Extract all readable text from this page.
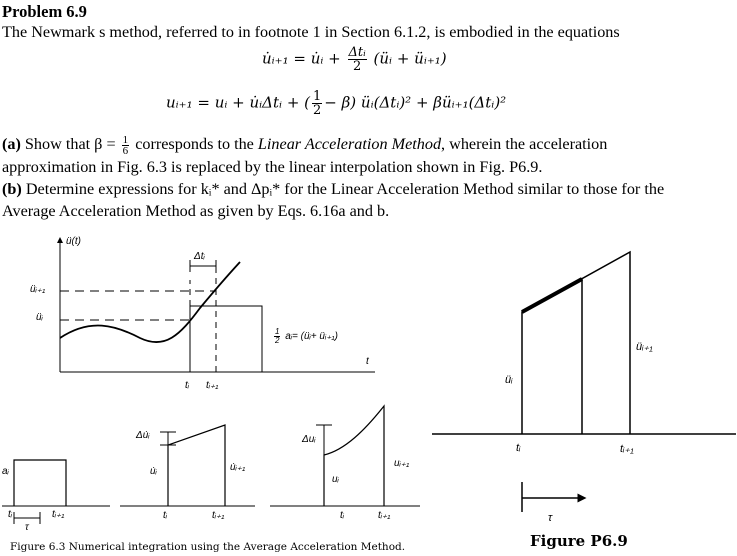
Problem 6.9
The Newmark s method, referred to in footnote 1 in Section 6.1.2, is embodied in the equations
u̇ᵢ₊₁ = u̇ᵢ + $\frac{\text{Δtᵢ}}{2}$ (üᵢ + üᵢ₊₁)
uᵢ₊₁ = uᵢ + u̇ᵢΔtᵢ + ( $\frac{1}{2} - \beta$) üᵢ(Δtᵢ)² + βüᵢ₊₁(Δtᵢ)²
(a) Show that $\beta = \frac{1}{6}$ corresponds to the Linear Acceleration Method, wherein the acceleration
approximation in Fig. 6.3 is replaced by the linear interpolation shown in Fig. P6.9.
(b) Determine expressions for kᵢ* and Δpᵢ* for the Linear Acceleration Method similar to those for the
Average Acceleration Method as given by Eqs. 6.16a and b.
ü(t)
üᵢ₊₁
üᵢ
Δtᵢ
tᵢ tᵢ₊₁
t
$\frac{1}{2}$ aᵢ= (üᵢ+ üᵢ₊₁)
aᵢ
tᵢ	tᵢ₊₁
τ
Δu̇ᵢ
u̇ᵢ	u̇ᵢ₊₁
tᵢ	tᵢ₊₁
Δuᵢ
uᵢ
uᵢ₊₁
tᵢ	tᵢ₊₁
Figure 6.3 Numerical integration using the Average Acceleration Method.
üᵢ₊₁
üᵢ
tᵢ	tᵢ₊₁
τ
Figure P6.9
